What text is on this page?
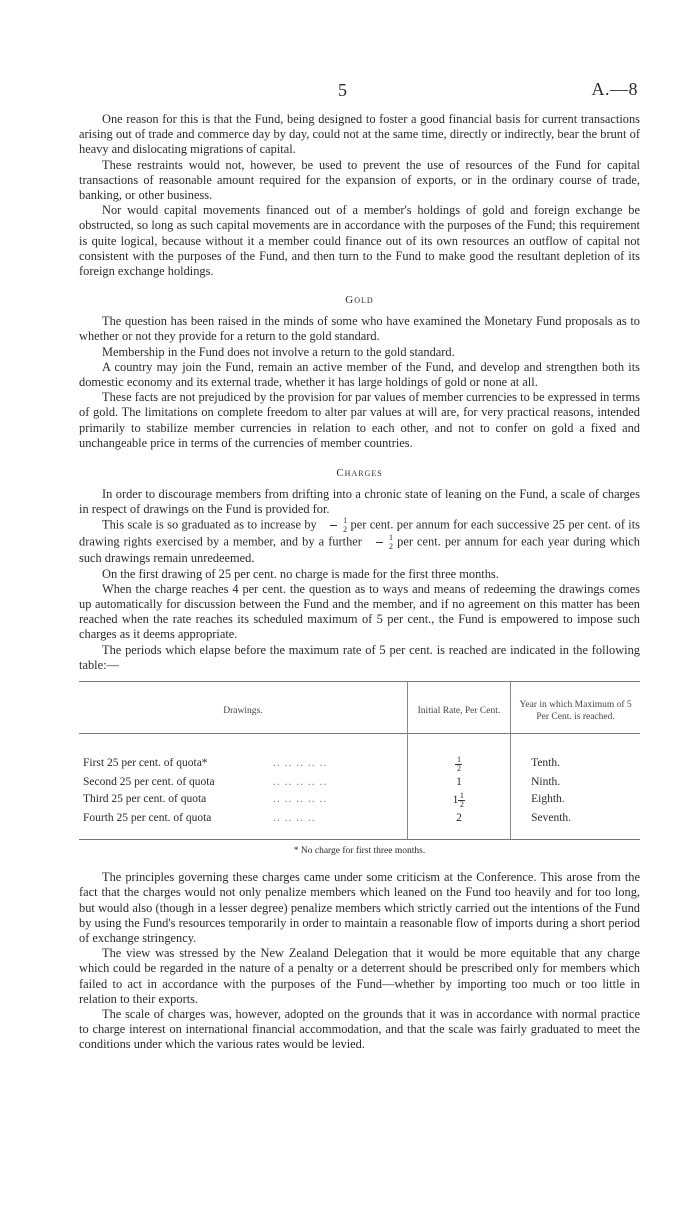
5	A.—8

One reason for this is that the Fund, being designed to foster a good financial basis for current transactions arising out of trade and commerce day by day, could not at the same time, directly or indirectly, bear the brunt of heavy and dislocating migrations of capital.

These restraints would not, however, be used to prevent the use of resources of the Fund for capital transactions of reasonable amount required for the expansion of exports, or in the ordinary course of trade, banking, or other business.

Nor would capital movements financed out of a member's holdings of gold and foreign exchange be obstructed, so long as such capital movements are in accordance with the purposes of the Fund; this requirement is quite logical, because without it a member could finance out of its own resources an outflow of capital not consistent with the purposes of the Fund, and then turn to the Fund to make good the resultant depletion of its foreign exchange holdings.

Gold

The question has been raised in the minds of some who have examined the Monetary Fund proposals as to whether or not they provide for a return to the gold standard.

Membership in the Fund does not involve a return to the gold standard.

A country may join the Fund, remain an active member of the Fund, and develop and strengthen both its domestic economy and its external trade, whether it has large holdings of gold or none at all.

These facts are not prejudiced by the provision for par values of member currencies to be expressed in terms of gold. The limitations on complete freedom to alter par values at will are, for very practical reasons, intended primarily to stabilize member currencies in relation to each other, and not to confer on gold a fixed and unchangeable price in terms of the currencies of member countries.

Charges

In order to discourage members from drifting into a chronic state of leaning on the Fund, a scale of charges in respect of drawings on the Fund is provided for.

This scale is so graduated as to increase by $\frac{1}{2}$ per cent. per annum for each successive 25 per cent. of its drawing rights exercised by a member, and by a further $\frac{1}{2}$ per cent. per annum for each year during which such drawings remain unredeemed.

On the first drawing of 25 per cent. no charge is made for the first three months.

When the charge reaches 4 per cent. the question as to ways and means of redeeming the drawings comes up automatically for discussion between the Fund and the member, and if no agreement on this matter has been reached when the rate reaches its scheduled maximum of 5 per cent., the Fund is empowered to impose such charges as it deems appropriate.

The periods which elapse before the maximum rate of 5 per cent. is reached are indicated in the following table:—

Drawings.	Initial Rate, Per Cent.	Year in which Maximum of 5 Per Cent. is reached.
First 25 per cent. of quota* .. .. .. .. ..	$\frac{1}{2}$	Tenth.
Second 25 per cent. of quota .. .. .. .. ..	1	Ninth.
Third 25 per cent. of quota .. .. .. .. ..	$1 \frac{1}{2}$	Eighth.
Fourth 25 per cent. of quota .. .. .. ..	2	Seventh.
* No charge for first three months.

The principles governing these charges came under some criticism at the Conference. This arose from the fact that the charges would not only penalize members which leaned on the Fund too heavily and for too long, but would also (though in a lesser degree) penalize members which strictly carried out the intentions of the Fund by using the Fund's resources temporarily in order to maintain a reasonable flow of imports during a short period of exchange stringency.

The view was stressed by the New Zealand Delegation that it would be more equitable that any charge which could be regarded in the nature of a penalty or a deterrent should be prescribed only for members which failed to act in accordance with the purposes of the Fund—whether by importing too much or too little in relation to their exports.

The scale of charges was, however, adopted on the grounds that it was in accordance with normal practice to charge interest on international financial accommodation, and that the scale was fairly graduated to meet the conditions under which the various rates would be levied.
